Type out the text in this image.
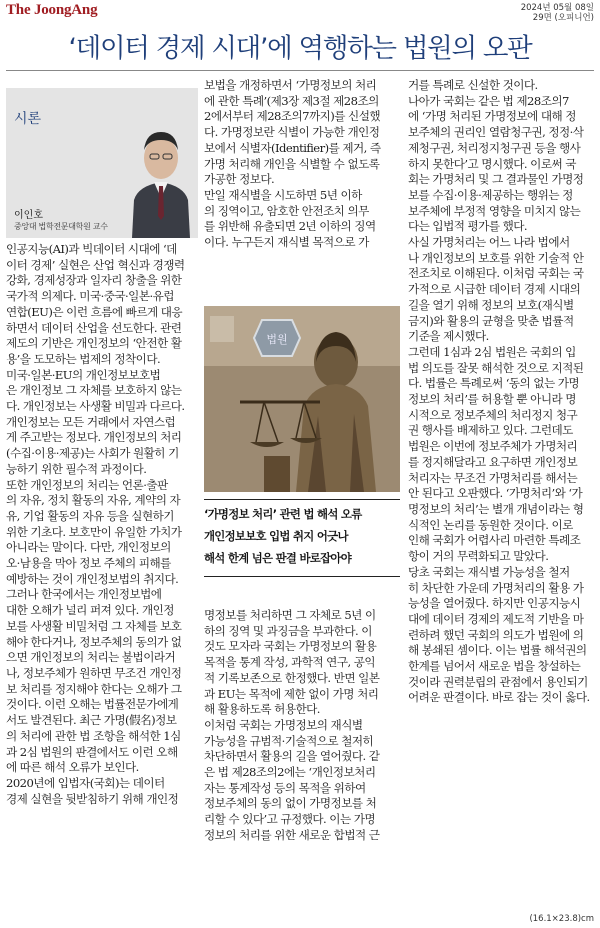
The JoongAng	2024년 05월 08일
29면 (오피니언)
‘데이터 경제 시대’에 역행하는 법원의 오판
시론
이인호
중앙대 법학전문대학원 교수

인공지능(AI)과 빅데이터 시대에 ‘데

이터 경제’ 실현은 산업 혁신과 경쟁력

강화, 경제성장과 일자리 창출을 위한

국가적 의제다. 미국·중국·일본·유럽

연합(EU)은 이런 흐름에 빠르게 대응

하면서 데이터 산업을 선도한다. 관련

제도의 기반은 개인정보의 ‘안전한 활

용’을 도모하는 법제의 정착이다.

미국·일본·EU의 개인정보보호법

은 개인정보 그 자체를 보호하지 않는

다. 개인정보는 사생활 비밀과 다르다.

개인정보는 모든 거래에서 자연스럽

게 주고받는 정보다. 개인정보의 처리

(수집·이용·제공)는 사회가 원활히 기

능하기 위한 필수적 과정이다.

또한 개인정보의 처리는 언론·출판

의 자유, 정치 활동의 자유, 계약의 자

유, 기업 활동의 자유 등을 실현하기

위한 기초다. 보호만이 유일한 가치가

아니라는 말이다. 다만, 개인정보의

오·남용을 막아 정보 주체의 피해를

예방하는 것이 개인정보법의 취지다.

그러나 한국에서는 개인정보법에

대한 오해가 널리 퍼져 있다. 개인정

보를 사생활 비밀처럼 그 자체를 보호

해야 한다거나, 정보주체의 동의가 없

으면 개인정보의 처리는 불법이라거

나, 정보주체가 원하면 무조건 개인정

보 처리를 정지해야 한다는 오해가 그

것이다. 이런 오해는 법률전문가에게

서도 발견된다. 최근 가명(假名)정보

의 처리에 관한 법 조항을 해석한 1심

과 2심 법원의 판결에서도 이런 오해

에 따른 해석 오류가 보인다.

2020년에 입법자(국회)는 데이터

경제 실현을 뒷받침하기 위해 개인정

보법을 개정하면서 ‘가명정보의 처리

에 관한 특례’(제3장 제3절 제28조의

2에서부터 제28조의7까지)를 신설했

다. 가명정보란 식별이 가능한 개인정

보에서 식별자(Identifier)를 제거, 즉

가명 처리해 개인을 식별할 수 없도록

가공한 정보다.

만일 재식별을 시도하면 5년 이하

의 징역이고, 암호한 안전조치 의무

를 위반해 유출되면 2년 이하의 징역

이다. 누구든지 재식별 목적으로 가

법원
‘가명정보 처리’ 관련 법 해석 오류
개인정보보호 입법 취지 어긋나
해석 한계 넘은 판결 바로잡아야

명정보를 처리하면 그 자체로 5년 이

하의 징역 및 과징금을 부과한다. 이

것도 모자라 국회는 가명정보의 활용

목적을 통계 작성, 과학적 연구, 공익

적 기록보존으로 한정했다. 반면 일본

과 EU는 목적에 제한 없이 가명 처리

해 활용하도록 허용한다.

이처럼 국회는 가명정보의 재식별

가능성을 규범적·기술적으로 철저히

차단하면서 활용의 길을 열어줬다. 같

은 법 제28조의2에는 ‘개인정보처리

자는 통계작성 등의 목적을 위하여

정보주체의 동의 없이 가명정보를 처

리할 수 있다’고 규정했다. 이는 가명

정보의 처리를 위한 새로운 합법적 근

거를 특례로 신설한 것이다.

나아가 국회는 같은 법 제28조의7

에 ‘가명 처리된 가명정보에 대해 정

보주체의 권리인 열람청구권, 정정·삭

제청구권, 처리정지청구권 등을 행사

하지 못한다’고 명시했다. 이로써 국

회는 가명처리 및 그 결과물인 가명정

보를 수집·이용·제공하는 행위는 정

보주체에 부정적 영향을 미치지 않는

다는 입법적 평가를 했다.

사실 가명처리는 어느 나라 법에서

나 개인정보의 보호를 위한 기술적 안

전조치로 이해된다. 이처럼 국회는 국

가적으로 시급한 데이터 경제 시대의

길을 열기 위해 정보의 보호(재식별

금지)와 활용의 균형을 맞춘 법률적

기준을 제시했다.

그런데 1심과 2심 법원은 국회의 입

법 의도를 잘못 해석한 것으로 지적된

다. 법률은 특례로써 ‘동의 없는 가명

정보의 처리’를 허용할 뿐 아니라 명

시적으로 정보주체의 처리정지 청구

권 행사를 배제하고 있다. 그런데도

법원은 이번에 정보주체가 가명처리

를 정지해달라고 요구하면 개인정보

처리자는 무조건 가명처리를 해서는

안 된다고 오판했다. ‘가명처리’와 ‘가

명정보의 처리’는 별개 개념이라는 형

식적인 논리를 동원한 것이다. 이로

인해 국회가 어렵사리 마련한 특례조

항이 거의 무력화되고 말았다.

당초 국회는 재식별 가능성을 철저

히 차단한 가운데 가명처리의 활용 가

능성을 열어줬다. 하지만 인공지능시

대에 데이터 경제의 제도적 기반을 마

련하려 했던 국회의 의도가 법원에 의

해 봉쇄된 셈이다. 이는 법률 해석권의

한계를 넘어서 새로운 법을 창설하는

것이라 권력분립의 관점에서 용인되기

어려운 판결이다. 바로 잡는 것이 옳다.

(16.1×23.8)cm
